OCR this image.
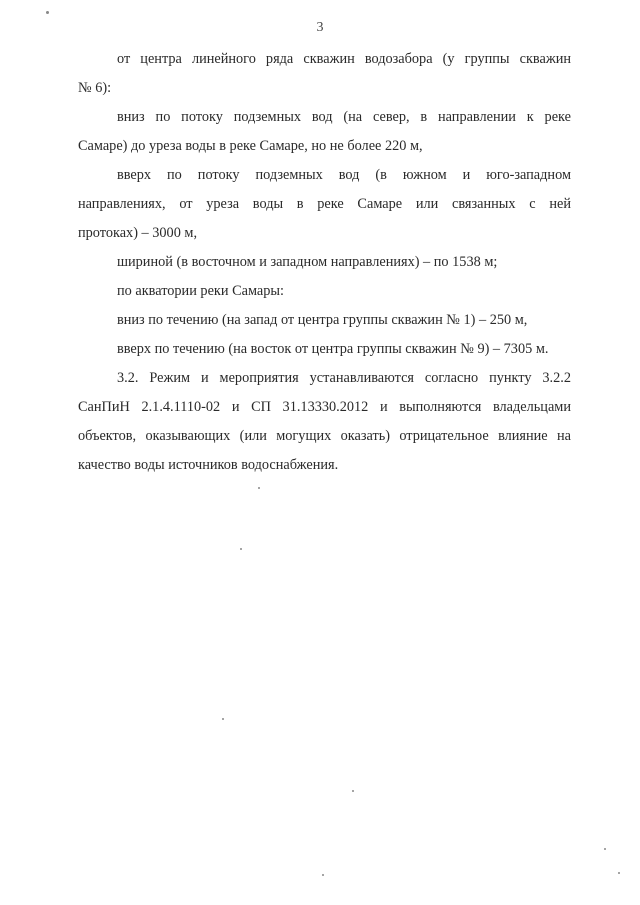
3
от центра линейного ряда скважин водозабора (у группы скважин
№ 6):
вниз по потоку подземных вод (на север, в направлении к реке
Самаре) до уреза воды в реке Самаре, но не более 220 м,
вверх по потоку подземных вод (в южном и юго-западном
направлениях, от уреза воды в реке Самаре или связанных с ней
протоках) – 3000 м,
шириной (в восточном и западном направлениях) – по 1538 м;
по акватории реки Самары:
вниз по течению (на запад от центра группы скважин № 1) – 250 м,
вверх по течению (на восток от центра группы скважин № 9) – 7305 м.
3.2. Режим и мероприятия устанавливаются согласно пункту 3.2.2
СанПиН 2.1.4.1110-02 и СП 31.13330.2012 и выполняются владельцами
объектов, оказывающих (или могущих оказать) отрицательное влияние на
качество воды источников водоснабжения.
